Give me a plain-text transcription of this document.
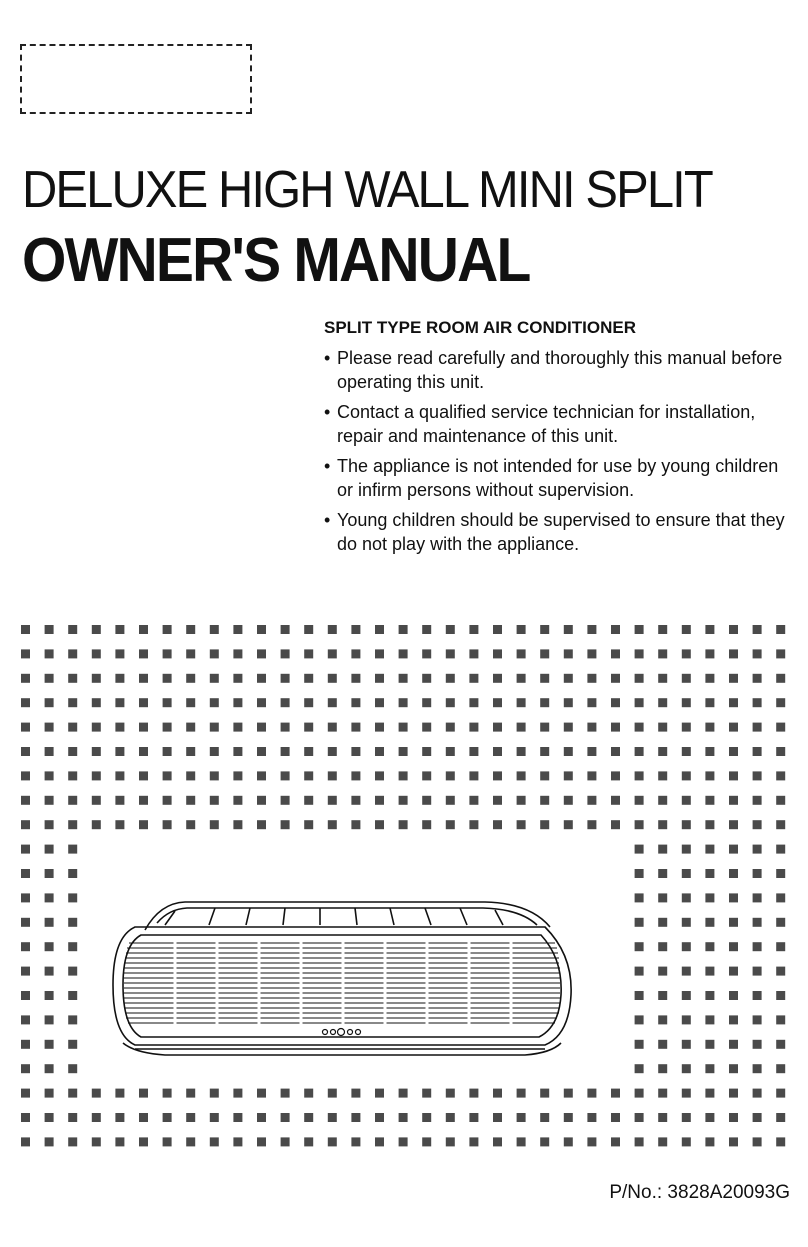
DELUXE HIGH WALL MINI SPLIT
OWNER'S MANUAL
SPLIT TYPE ROOM AIR CONDITIONER
• Please read carefully and thoroughly this manual before operating this unit.
• Contact a qualified service technician for installation, repair and maintenance of this unit.
• The appliance is not intended for use by young children or infirm persons without supervision.
• Young children should be supervised to ensure that they do not play with the appliance.
P/No.: 3828A20093G
